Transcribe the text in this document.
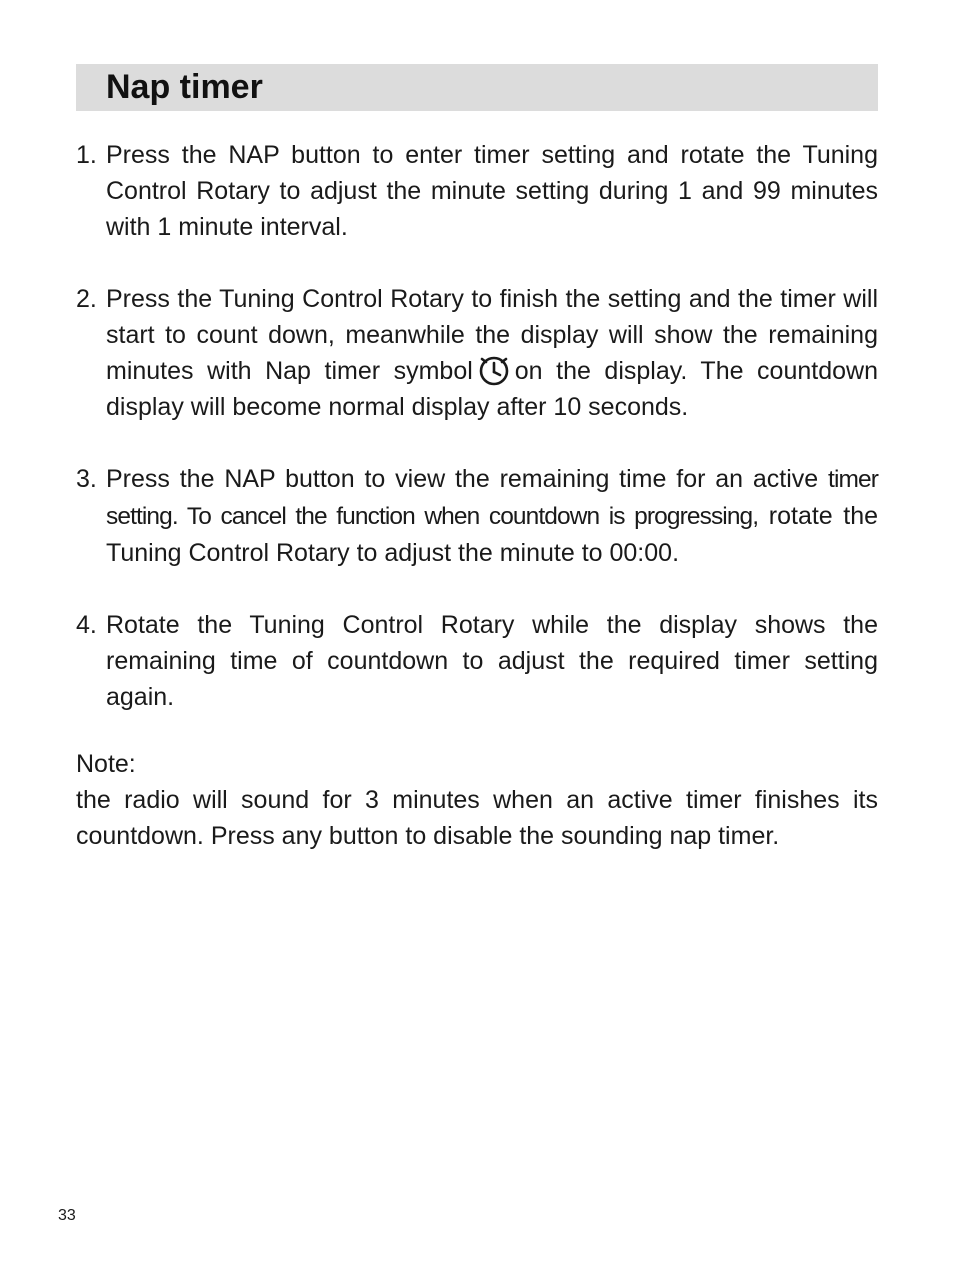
Nap timer
1. Press the NAP button to enter timer setting and rotate the Tuning Control Rotary to adjust the minute setting during 1 and 99 minutes with 1 minute interval.
2. Press the Tuning Control Rotary to finish the setting and the timer will start to count down, meanwhile the display will show the remaining minutes with Nap timer symbol on the display. The countdown display will become normal display after 10 seconds.
3. Press the NAP button to view the remaining time for an active timer setting. To cancel the function when countdown is progressing, rotate the Tuning Control Rotary to adjust the minute to 00:00.
4. Rotate the Tuning Control Rotary while the display shows the remaining time of countdown to adjust the required timer setting again.

Note:

the radio will sound for 3 minutes when an active timer finishes its countdown. Press any button to disable the sounding nap timer.

33
